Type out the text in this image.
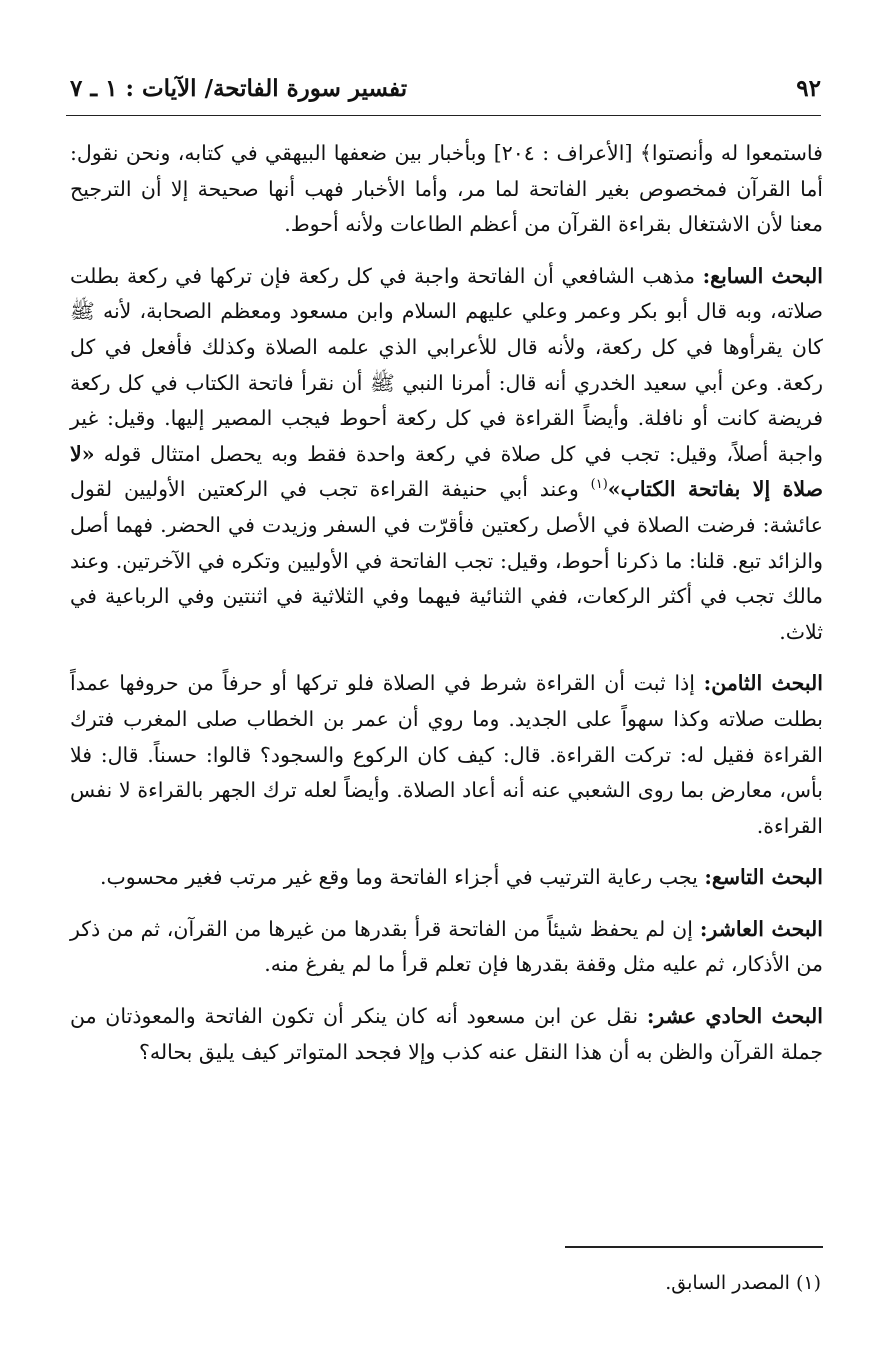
٩٢
تفسير سورة الفاتحة/ الآيات : ١ ـ ٧

فاستمعوا له وأنصتوا﴾ [الأعراف : ٢٠٤] وبأخبار بين ضعفها البيهقي في كتابه، ونحن نقول: أما القرآن فمخصوص بغير الفاتحة لما مر، وأما الأخبار فهب أنها صحيحة إلا أن الترجيح معنا لأن الاشتغال بقراءة القرآن من أعظم الطاعات ولأنه أحوط.

البحث السابع: مذهب الشافعي أن الفاتحة واجبة في كل ركعة فإن تركها في ركعة بطلت صلاته، وبه قال أبو بكر وعمر وعلي عليهم السلام وابن مسعود ومعظم الصحابة، لأنه ﷺ كان يقرأوها في كل ركعة، ولأنه قال للأعرابي الذي علمه الصلاة وكذلك فأفعل في كل ركعة. وعن أبي سعيد الخدري أنه قال: أمرنا النبي ﷺ أن نقرأ فاتحة الكتاب في كل ركعة فريضة كانت أو نافلة. وأيضاً القراءة في كل ركعة أحوط فيجب المصير إليها. وقيل: غير واجبة أصلاً، وقيل: تجب في كل صلاة في ركعة واحدة فقط وبه يحصل امتثال قوله «لا صلاة إلا بفاتحة الكتاب»$^{(١)}$ وعند أبي حنيفة القراءة تجب في الركعتين الأوليين لقول عائشة: فرضت الصلاة في الأصل ركعتين فأقرّت في السفر وزيدت في الحضر. فهما أصل والزائد تبع. قلنا: ما ذكرنا أحوط، وقيل: تجب الفاتحة في الأوليين وتكره في الآخرتين. وعند مالك تجب في أكثر الركعات، ففي الثنائية فيهما وفي الثلاثية في اثنتين وفي الرباعية في ثلاث.

البحث الثامن: إذا ثبت أن القراءة شرط في الصلاة فلو تركها أو حرفاً من حروفها عمداً بطلت صلاته وكذا سهواً على الجديد. وما روي أن عمر بن الخطاب صلى المغرب فترك القراءة فقيل له: تركت القراءة. قال: كيف كان الركوع والسجود؟ قالوا: حسناً. قال: فلا بأس، معارض بما روى الشعبي عنه أنه أعاد الصلاة. وأيضاً لعله ترك الجهر بالقراءة لا نفس القراءة.

البحث التاسع: يجب رعاية الترتيب في أجزاء الفاتحة وما وقع غير مرتب فغير محسوب.

البحث العاشر: إن لم يحفظ شيئاً من الفاتحة قرأ بقدرها من غيرها من القرآن، ثم من ذكر من الأذكار، ثم عليه مثل وقفة بقدرها فإن تعلم قرأ ما لم يفرغ منه.

البحث الحادي عشر: نقل عن ابن مسعود أنه كان ينكر أن تكون الفاتحة والمعوذتان من جملة القرآن والظن به أن هذا النقل عنه كذب وإلا فجحد المتواتر كيف يليق بحاله؟

(١) المصدر السابق.
